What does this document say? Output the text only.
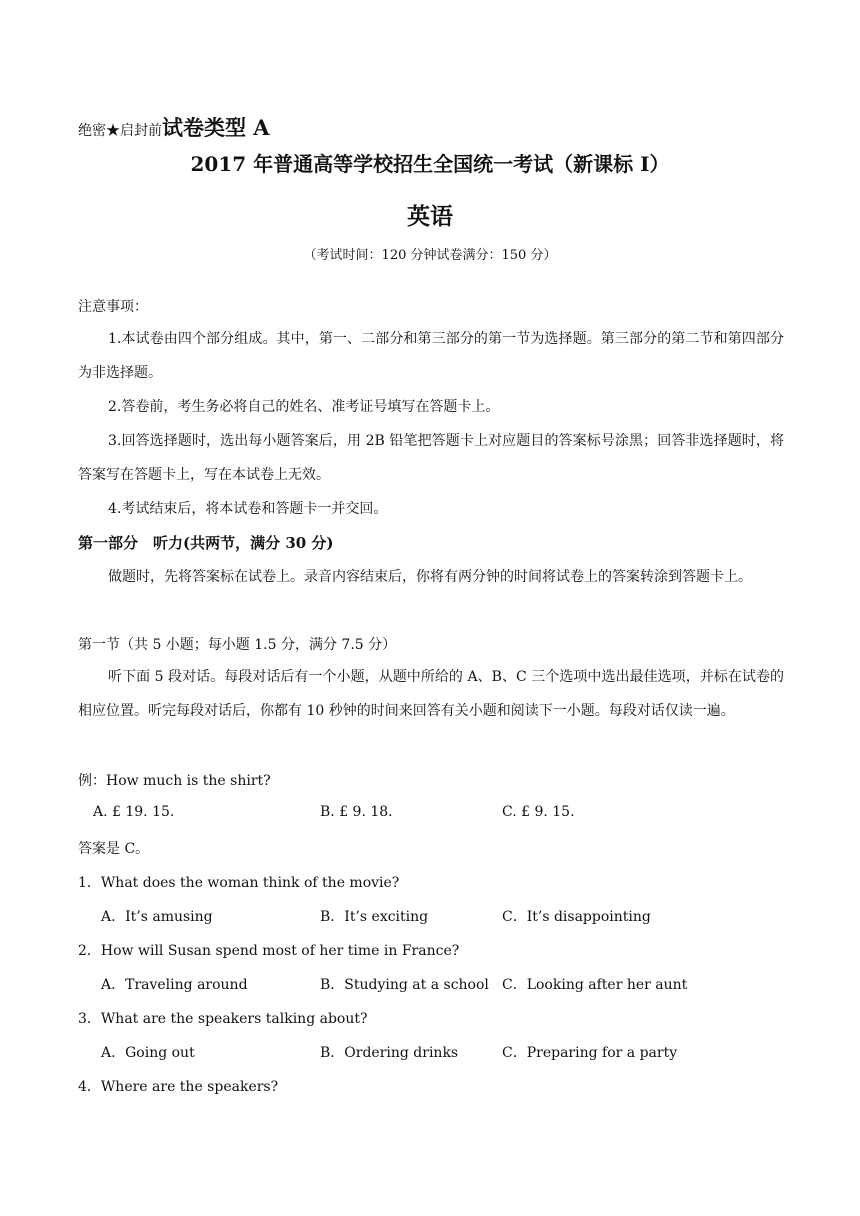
绝密★启封前试卷类型 A
2017 年普通高等学校招生全国统一考试（新课标 I）
英语
（考试时间：120 分钟试卷满分：150 分）
注意事项：
1.本试卷由四个部分组成。其中，第一、二部分和第三部分的第一节为选择题。第三部分的第二节和第四部分为非选择题。
2.答卷前，考生务必将自己的姓名、准考证号填写在答题卡上。
3.回答选择题时，选出每小题答案后，用 2B 铅笔把答题卡上对应题目的答案标号涂黑；回答非选择题时，将答案写在答题卡上，写在本试卷上无效。
4.考试结束后，将本试卷和答题卡一并交回。
第一部分　听力(共两节，满分 30 分)
做题时，先将答案标在试卷上。录音内容结束后，你将有两分钟的时间将试卷上的答案转涂到答题卡上。
第一节（共 5 小题；每小题 1.5 分，满分 7.5 分）
听下面 5 段对话。每段对话后有一个小题，从题中所给的 A、B、C 三个选项中选出最佳选项，并标在试卷的相应位置。听完每段对话后，你都有 10 秒钟的时间来回答有关小题和阅读下一小题。每段对话仅读一遍。
例：How much is the shirt?
A. £ 19. 15.	B. £ 9. 18.	C. £ 9. 15.
答案是 C。
1．What does the woman think of the movie?
A．It’s amusing	B．It’s exciting	C．It’s disappointing
2．How will Susan spend most of her time in France?
A．Traveling around	B．Studying at a school C．Looking after her aunt
3．What are the speakers talking about?
A．Going out	B．Ordering drinks	C．Preparing for a party
4．Where are the speakers?
